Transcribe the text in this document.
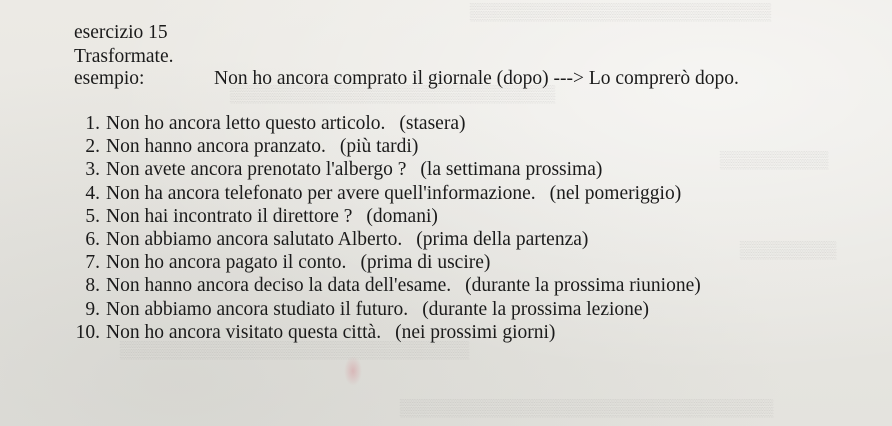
▒▒▒▒▒▒▒▒▒▒▒▒▒▒▒▒▒▒▒▒▒▒▒▒▒
▒▒▒▒▒▒▒▒▒▒▒▒▒▒▒▒▒▒▒▒▒▒▒▒▒▒▒
▒▒▒▒▒▒▒▒▒
▒▒▒▒▒▒▒▒
▒▒▒▒▒▒▒▒▒▒▒▒▒▒▒▒▒▒▒▒▒▒▒▒▒▒▒▒▒
▒▒▒▒▒▒▒▒▒▒▒▒▒▒▒▒▒▒▒▒▒▒▒▒▒▒▒▒▒▒▒
esercizio 15
Trasformate.
esempio:	Non ho ancora comprato il giornale (dopo) ---> Lo comprerò dopo.
1. Non ho ancora letto questo articolo. (stasera)
2. Non hanno ancora pranzato. (più tardi)
3. Non avete ancora prenotato l'albergo ? (la settimana prossima)
4. Non ha ancora telefonato per avere quell'informazione. (nel pomeriggio)
5. Non hai incontrato il direttore ? (domani)
6. Non abbiamo ancora salutato Alberto. (prima della partenza)
7. Non ho ancora pagato il conto. (prima di uscire)
8. Non hanno ancora deciso la data dell'esame. (durante la prossima riunione)
9. Non abbiamo ancora studiato il futuro. (durante la prossima lezione)
10. Non ho ancora visitato questa città. (nei prossimi giorni)
